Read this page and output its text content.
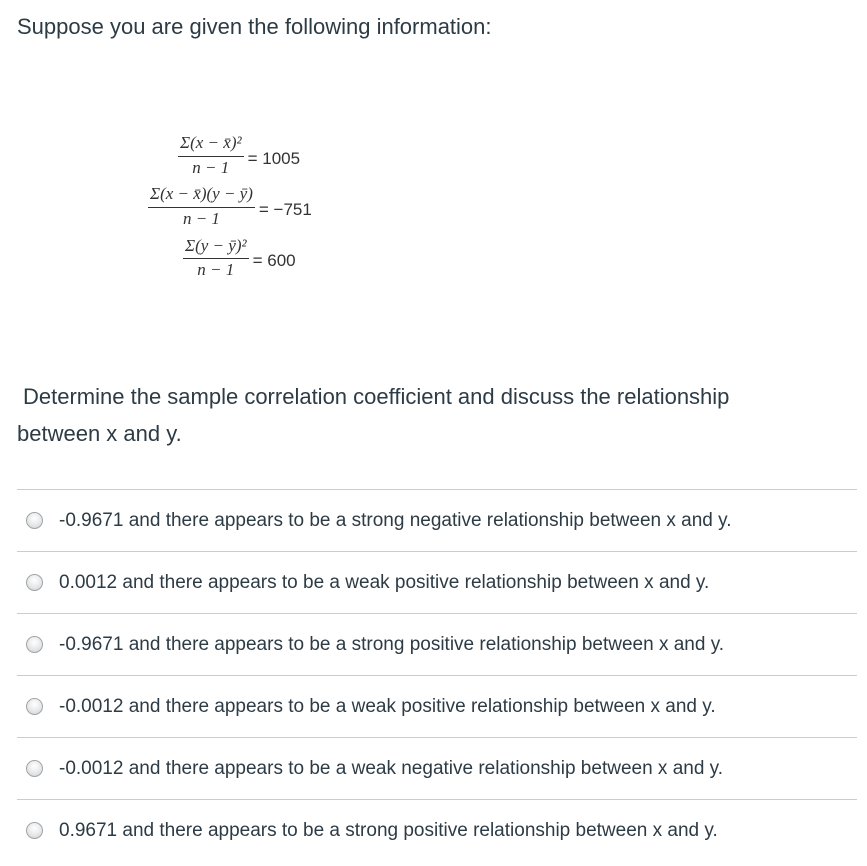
Suppose you are given the following information:
$\frac{\text{Σ(x − x̄)²}}{n - 1} = 1005$
$\frac{\Sigma(x - x̄)(y - ȳ)}{n - 1} = -751$
$\frac{\text{Σ(y − ȳ)²}}{n - 1} = 600$
Determine the sample correlation coefficient and discuss the relationship
between x and y.
-0.9671 and there appears to be a strong negative relationship between x and y.
0.0012 and there appears to be a weak positive relationship between x and y.
-0.9671 and there appears to be a strong positive relationship between x and y.
-0.0012 and there appears to be a weak positive relationship between x and y.
-0.0012 and there appears to be a weak negative relationship between x and y.
0.9671 and there appears to be a strong positive relationship between x and y.
